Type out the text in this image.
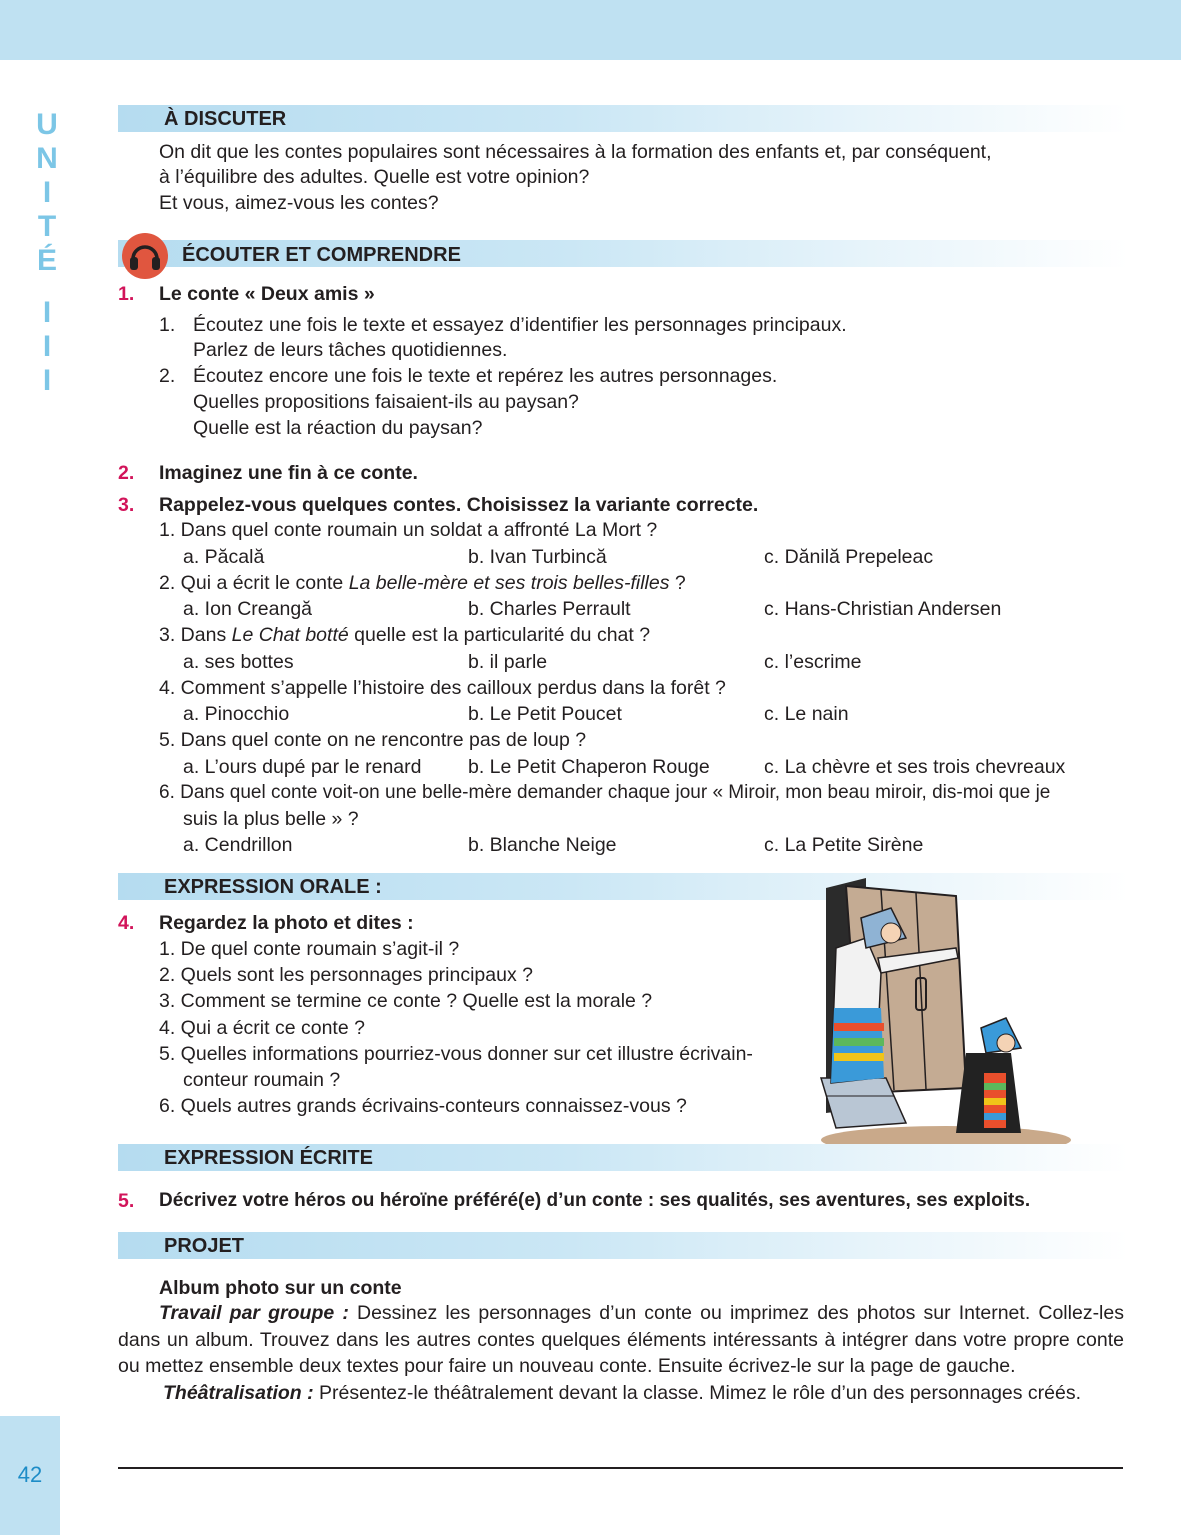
U
N
I
T
É
I
I
I
42
À DISCUTER
On dit que les contes populaires sont nécessaires à la formation des enfants et, par conséquent,
à l’équilibre des adultes. Quelle est votre opinion?
Et vous, aimez-vous les contes?
ÉCOUTER ET COMPRENDRE
1. Le conte « Deux amis »
1. Écoutez une fois le texte et essayez d’identifier les personnages principaux.
Parlez de leurs tâches quotidiennes.
2. Écoutez encore une fois le texte et repérez les autres personnages.
Quelles propositions faisaient-ils au paysan?
Quelle est la réaction du paysan?
2. Imaginez une fin à ce conte.
3. Rappelez-vous quelques contes. Choisissez la variante correcte.
1. Dans quel conte roumain un soldat a affronté La Mort ?
a. Păcală	b. Ivan Turbincă	c. Dănilă Prepeleac
2. Qui a écrit le conte La belle-mère et ses trois belles-filles ?
a. Ion Creangă	b. Charles Perrault	c. Hans-Christian Andersen
3. Dans Le Chat botté quelle est la particularité du chat ?
a. ses bottes	b. il parle	c. l’escrime
4. Comment s’appelle l’histoire des cailloux perdus dans la forêt ?
a. Pinocchio	b. Le Petit Poucet	c. Le nain
5. Dans quel conte on ne rencontre pas de loup ?
a. L’ours dupé par le renard b. Le Petit Chaperon Rouge	c. La chèvre et ses trois chevreaux
6. Dans quel conte voit-on une belle-mère demander chaque jour « Miroir, mon beau miroir, dis-moi que je
suis la plus belle » ?
a. Cendrillon	b. Blanche Neige	c. La Petite Sirène
EXPRESSION ORALE :
4. Regardez la photo et dites :
1. De quel conte roumain s’agit-il ?
2. Quels sont les personnages principaux ?
3. Comment se termine ce conte ? Quelle est la morale ?
4. Qui a écrit ce conte ?
5. Quelles informations pourriez-vous donner sur cet illustre écrivain-
conteur roumain ?
6. Quels autres grands écrivains-conteurs connaissez-vous ?
EXPRESSION ÉCRITE
5. Décrivez votre héros ou héroïne préféré(e) d’un conte : ses qualités, ses aventures, ses exploits.
PROJET
Album photo sur un conte
Travail par groupe : Dessinez les personnages d’un conte ou imprimez des photos sur Internet. Collez-les dans un album. Trouvez dans les autres contes quelques éléments intéressants à intégrer dans votre propre conte ou mettez ensemble deux textes pour faire un nouveau conte. Ensuite écrivez-le sur la page de gauche.
Théâtralisation : Présentez-le théâtralement devant la classe. Mimez le rôle d’un des personnages créés.
